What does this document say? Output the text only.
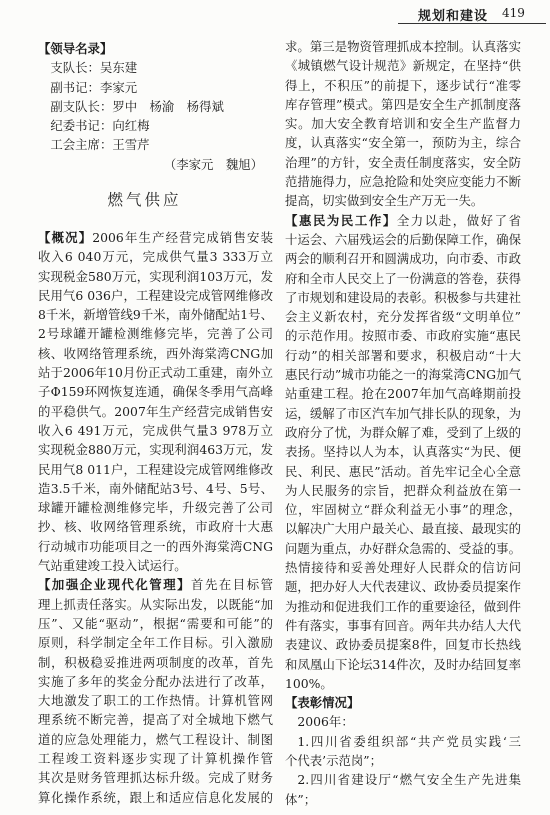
规划和建设 419
【领导名录】
支队长：吴东建
副书记：李家元
副支队长：罗中　杨渝　杨得斌
纪委书记：向红梅
工会主席：王雪芹
（李家元　魏旭）
燃气供应
【概况】2006年生产经营完成销售安装
收入6 040万元，完成供气量3 333万立
实现税金580万元，实现利润103万元，发
民用气6 036户，工程建设完成管网维修改
8千米，新增管线9千米，南外储配站1号、
2号球罐开罐检测维修完毕，完善了公司
核、收网络管理系统，西外海棠湾CNG加
站于2006年10月份正式动工重建，南外立
子Φ159环网恢复连通，确保冬季用气高峰
的平稳供气。2007年生产经营完成销售安
收入6 491万元，完成供气量3 978万立
实现税金880万元，实现利润463万元，发
民用气8 011户，工程建设完成管网维修改
造3.5千米，南外储配站3号、4号、5号、
球罐开罐检测维修完毕，升级完善了公司
抄、核、收网络管理系统，市政府十大惠
行动城市功能项目之一的西外海棠湾CNG
气站重建竣工投入试运行。
【加强企业现代化管理】首先在目标管
理上抓责任落实。从实际出发，以既能“加
压”、又能“驱动”，根据“需要和可能”的
原则，科学制定全年工作目标。引入激励
制，积极稳妥推进两项制度的改革，首先
实施了多年的奖金分配办法进行了改革，
大地激发了职工的工作热情。计算机管网
理系统不断完善，提高了对全城地下燃气
道的应急处理能力，燃气工程设计、制图
工程竣工资料逐步实现了计算机操作管
其次是财务管理抓达标升级。完成了财务
算化操作系统，跟上和适应信息化发展的
求。第三是物资管理抓成本控制。认真落实
《城镇燃气设计规范》新规定，在坚持“供
得上，不积压”的前提下，逐步试行“准零
库存管理”模式。第四是安全生产抓制度落
实。加大安全教育培训和安全生产监督力
度，认真落实“安全第一，预防为主，综合
治理”的方针，安全责任制度落实，安全防
范措施得力，应急抢险和处突应变能力不断
提高，切实做到安全生产万无一失。
【惠民为民工作】全力以赴，做好了省
十运会、六届残运会的后勤保障工作，确保
两会的顺利召开和圆满成功，向市委、市政
府和全市人民交上了一份满意的答卷，获得
了市规划和建设局的表彰。积极参与共建社
会主义新农村，充分发挥省级“文明单位”
的示范作用。按照市委、市政府实施“惠民
行动”的相关部署和要求，积极启动“十大
惠民行动”城市功能之一的海棠湾CNG加气
站重建工程。抢在2007年加气高峰期前投
运，缓解了市区汽车加气排长队的现象，为
政府分了忧，为群众解了难，受到了上级的
表扬。坚持以人为本，认真落实“为民、便
民、利民、惠民”活动。首先牢记全心全意
为人民服务的宗旨，把群众利益放在第一
位，牢固树立“群众利益无小事”的理念，
以解决广大用户最关心、最直接、最现实的
问题为重点，办好群众急需的、受益的事。
热情接待和妥善处理好人民群众的信访问
题，把办好人大代表建议、政协委员提案作
为推动和促进我们工作的重要途径，做到件
件有落实，事事有回音。两年共办结人大代
表建议、政协委员提案8件，回复市长热线
和凤凰山下论坛314件次，及时办结回复率
100%。
【表彰情况】
2006年：
1.四川省委组织部“共产党员实践‘三
个代表’示范岗”；
2.四川省建设厅“燃气安全生产先进集
体”；
